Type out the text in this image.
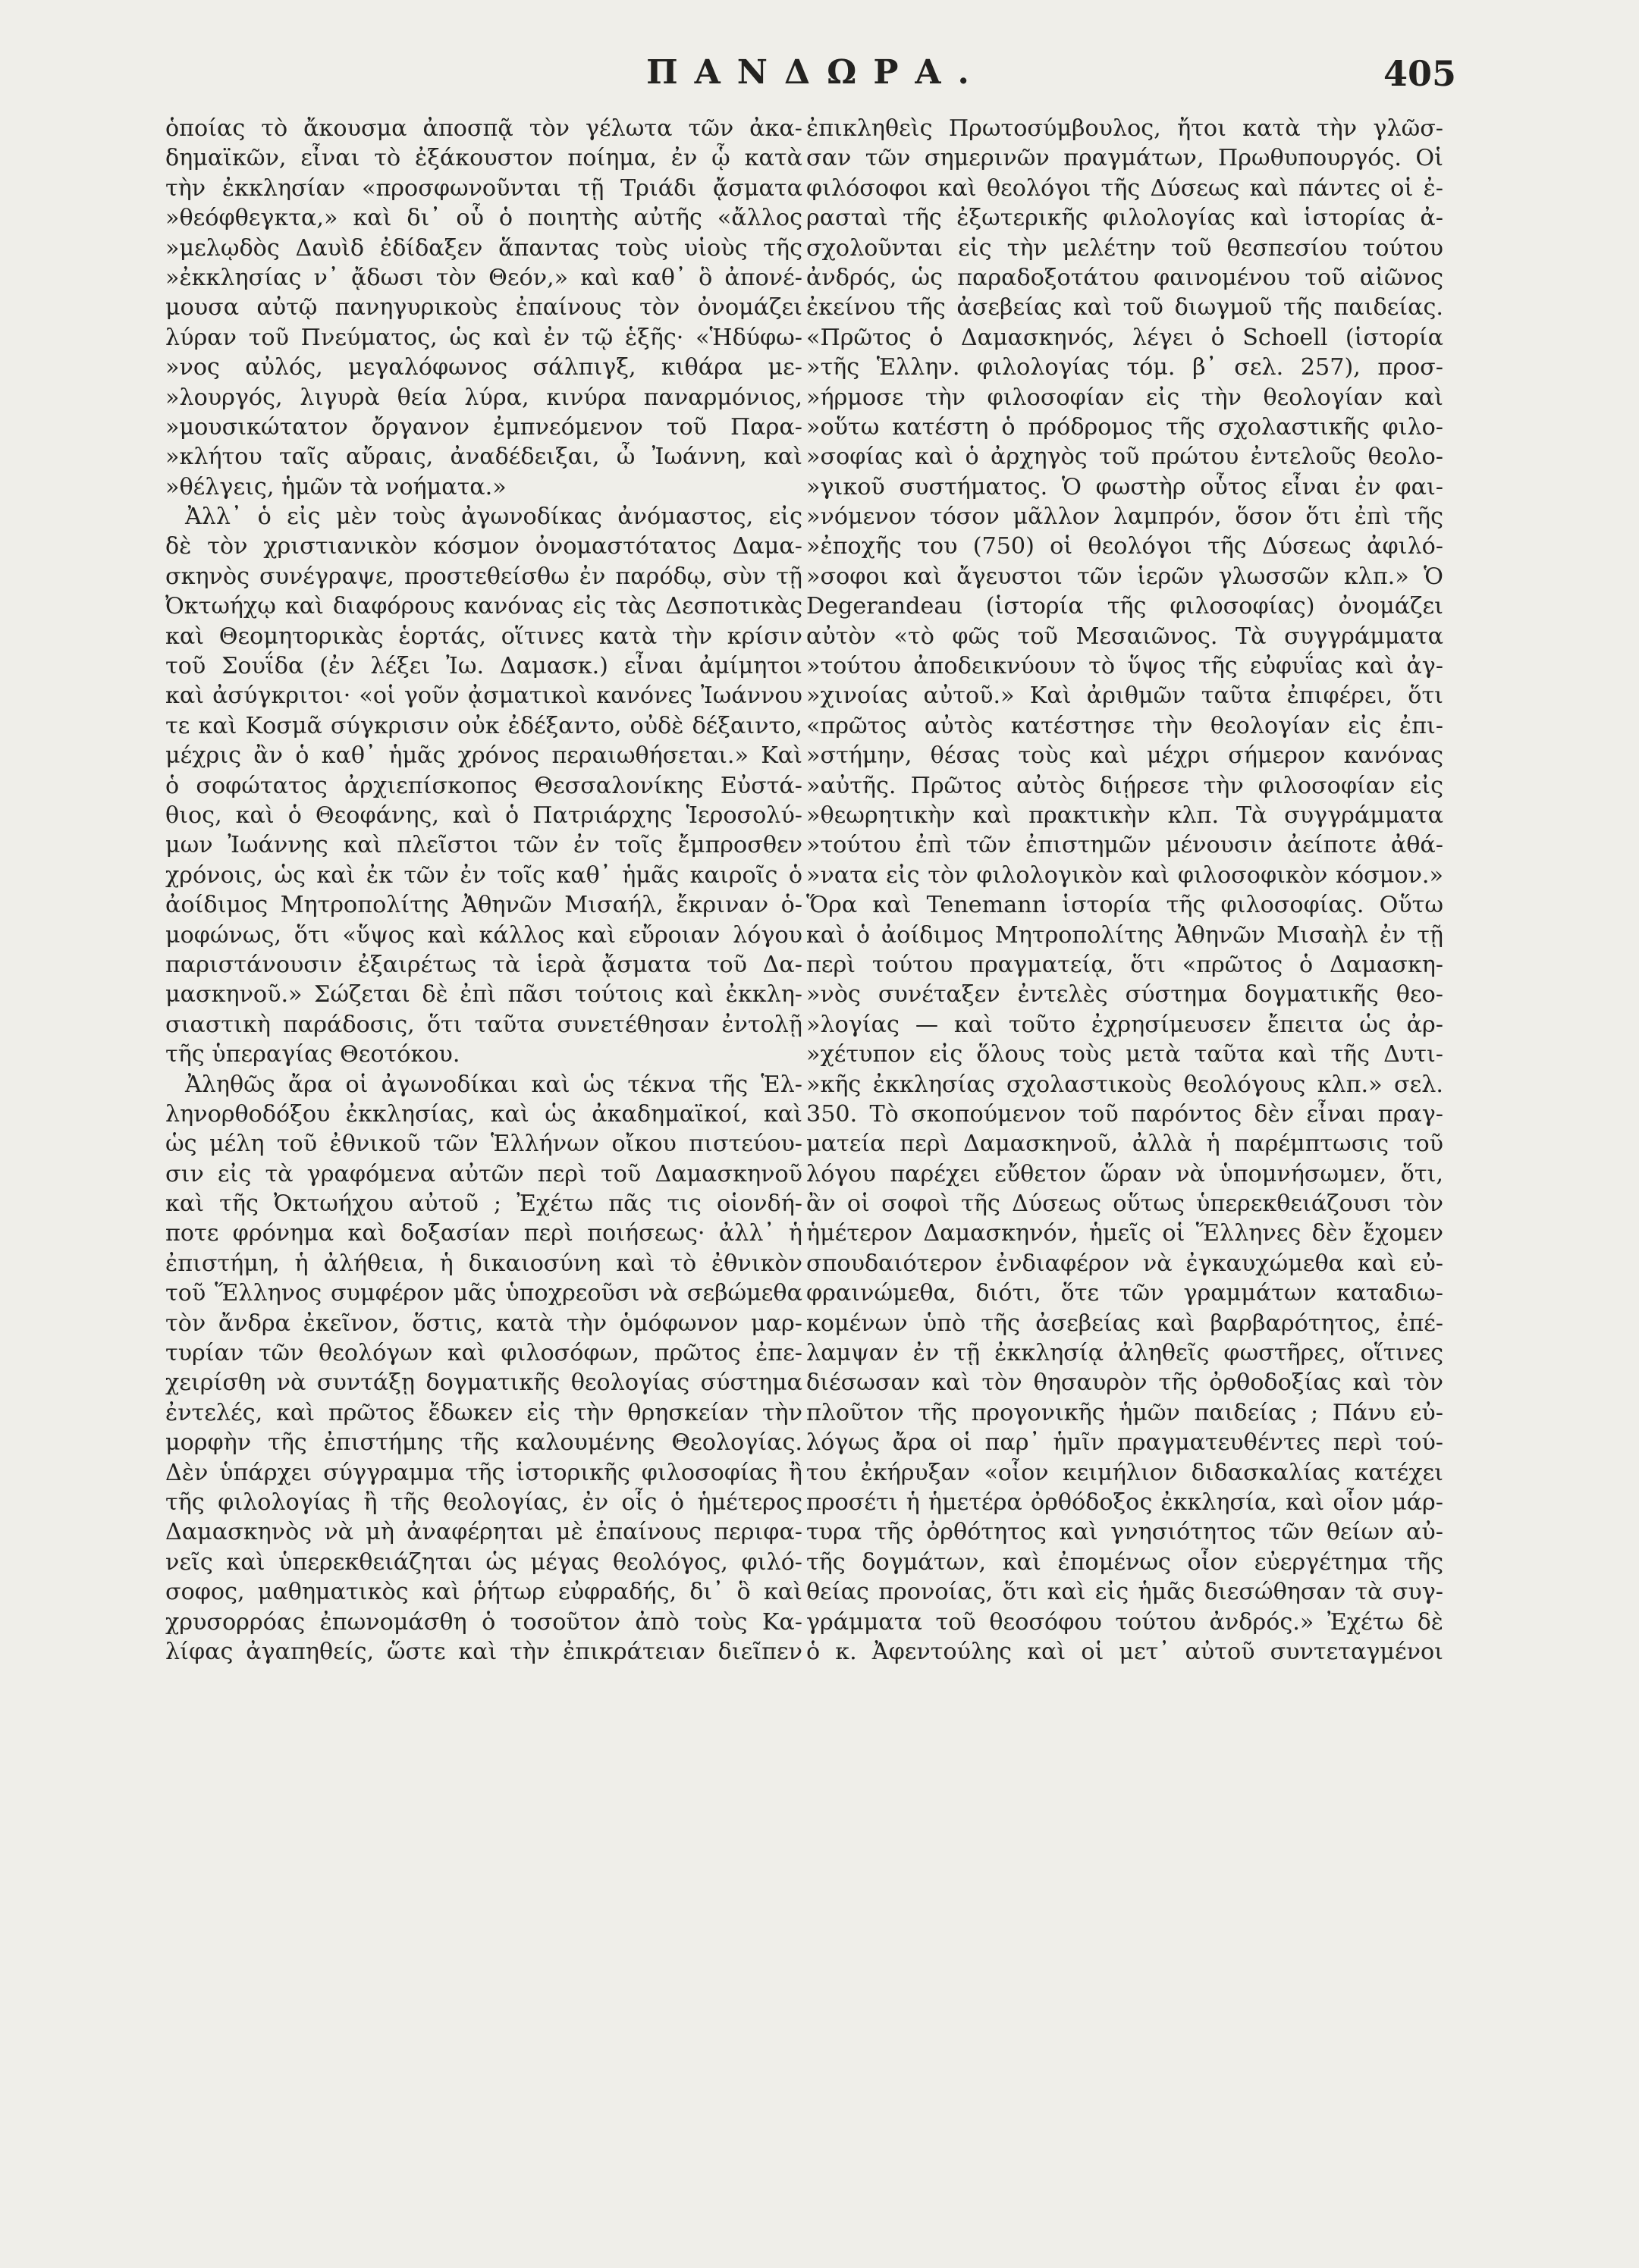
ΠΑΝΔΩΡΑ.	405
ὁποίας τὸ ἄκουσμα ἀποσπᾷ τὸν γέλωτα τῶν ἀκα-
δημαϊκῶν, εἶναι τὸ ἐξάκουστον ποίημα, ἐν ᾧ κατὰ
τὴν ἐκκλησίαν «προσφωνοῦνται τῇ Τριάδι ᾄσματα
»θεόφθεγκτα,» καὶ δι᾽ οὗ ὁ ποιητὴς αὐτῆς «ἄλλος
»μελῳδὸς Δαυὶδ ἐδίδαξεν ἅπαντας τοὺς υἱοὺς τῆς
»ἐκκλησίας ν᾽ ᾄδωσι τὸν Θεόν,» καὶ καθ᾽ ὃ ἀπονέ-
μουσα αὐτῷ πανηγυρικοὺς ἐπαίνους τὸν ὀνομάζει
λύραν τοῦ Πνεύματος, ὡς καὶ ἐν τῷ ἑξῆς· «Ἡδύφω-
»νος αὐλός, μεγαλόφωνος σάλπιγξ, κιθάρα με-
»λουργός, λιγυρὰ θεία λύρα, κινύρα παναρμόνιος,
»μουσικώτατον ὄργανον ἐμπνεόμενον τοῦ Παρα-
»κλήτου ταῖς αὔραις, ἀναδέδειξαι, ὦ Ἰωάννη, καὶ
»θέλγεις, ἡμῶν τὰ νοήματα.»
Ἀλλ᾽ ὁ εἰς μὲν τοὺς ἀγωνοδίκας ἀνόμαστος, εἰς
δὲ τὸν χριστιανικὸν κόσμον ὀνομαστότατος Δαμα-
σκηνὸς συνέγραψε, προστεθείσθω ἐν παρόδῳ, σὺν τῇ
Ὀκτωήχῳ καὶ διαφόρους κανόνας εἰς τὰς Δεσποτικὰς
καὶ Θεομητορικὰς ἑορτάς, οἵτινες κατὰ τὴν κρίσιν
τοῦ Σουΐδα (ἐν λέξει Ἰω. Δαμασκ.) εἶναι ἀμίμητοι
καὶ ἀσύγκριτοι· «οἱ γοῦν ᾀσματικοὶ κανόνες Ἰωάννου
τε καὶ Κοσμᾶ σύγκρισιν οὐκ ἐδέξαντο, οὐδὲ δέξαιντο,
μέχρις ἂν ὁ καθ᾽ ἡμᾶς χρόνος περαιωθήσεται.» Καὶ
ὁ σοφώτατος ἀρχιεπίσκοπος Θεσσαλονίκης Εὐστά-
θιος, καὶ ὁ Θεοφάνης, καὶ ὁ Πατριάρχης Ἱεροσολύ-
μων Ἰωάννης καὶ πλεῖστοι τῶν ἐν τοῖς ἔμπροσθεν
χρόνοις, ὡς καὶ ἐκ τῶν ἐν τοῖς καθ᾽ ἡμᾶς καιροῖς ὁ
ἀοίδιμος Μητροπολίτης Ἀθηνῶν Μισαήλ, ἔκριναν ὁ-
μοφώνως, ὅτι «ὕψος καὶ κάλλος καὶ εὔροιαν λόγου
παριστάνουσιν ἐξαιρέτως τὰ ἱερὰ ᾄσματα τοῦ Δα-
μασκηνοῦ.» Σώζεται δὲ ἐπὶ πᾶσι τούτοις καὶ ἐκκλη-
σιαστικὴ παράδοσις, ὅτι ταῦτα συνετέθησαν ἐντολῇ
τῆς ὑπεραγίας Θεοτόκου.
Ἀληθῶς ἄρα οἱ ἀγωνοδίκαι καὶ ὡς τέκνα τῆς Ἑλ-
ληνορθοδόξου ἐκκλησίας, καὶ ὡς ἀκαδημαϊκοί, καὶ
ὡς μέλη τοῦ ἐθνικοῦ τῶν Ἑλλήνων οἴκου πιστεύου-
σιν εἰς τὰ γραφόμενα αὐτῶν περὶ τοῦ Δαμασκηνοῦ
καὶ τῆς Ὀκτωήχου αὐτοῦ ; Ἐχέτω πᾶς τις οἱονδή-
ποτε φρόνημα καὶ δοξασίαν περὶ ποιήσεως· ἀλλ᾽ ἡ
ἐπιστήμη, ἡ ἀλήθεια, ἡ δικαιοσύνη καὶ τὸ ἐθνικὸν
τοῦ Ἕλληνος συμφέρον μᾶς ὑποχρεοῦσι νὰ σεβώμεθα
τὸν ἄνδρα ἐκεῖνον, ὅστις, κατὰ τὴν ὁμόφωνον μαρ-
τυρίαν τῶν θεολόγων καὶ φιλοσόφων, πρῶτος ἐπε-
χειρίσθη νὰ συντάξῃ δογματικῆς θεολογίας σύστημα
ἐντελές, καὶ πρῶτος ἔδωκεν εἰς τὴν θρησκείαν τὴν
μορφὴν τῆς ἐπιστήμης τῆς καλουμένης Θεολογίας.
Δὲν ὑπάρχει σύγγραμμα τῆς ἱστορικῆς φιλοσοφίας ἢ
τῆς φιλολογίας ἢ τῆς θεολογίας, ἐν οἷς ὁ ἡμέτερος
Δαμασκηνὸς νὰ μὴ ἀναφέρηται μὲ ἐπαίνους περιφα-
νεῖς καὶ ὑπερεκθειάζηται ὡς μέγας θεολόγος, φιλό-
σοφος, μαθηματικὸς καὶ ῥήτωρ εὐφραδής, δι᾽ ὃ καὶ
χρυσορρόας ἐπωνομάσθη ὁ τοσοῦτον ἀπὸ τοὺς Κα-
λίφας ἀγαπηθείς, ὥστε καὶ τὴν ἐπικράτειαν διεῖπεν
ἐπικληθεὶς Πρωτοσύμβουλος, ἤτοι κατὰ τὴν γλῶσ-
σαν τῶν σημερινῶν πραγμάτων, Πρωθυπουργός. Οἱ
φιλόσοφοι καὶ θεολόγοι τῆς Δύσεως καὶ πάντες οἱ ἐ-
ρασταὶ τῆς ἐξωτερικῆς φιλολογίας καὶ ἱστορίας ἀ-
σχολοῦνται εἰς τὴν μελέτην τοῦ θεσπεσίου τούτου
ἀνδρός, ὡς παραδοξοτάτου φαινομένου τοῦ αἰῶνος
ἐκείνου τῆς ἀσεβείας καὶ τοῦ διωγμοῦ τῆς παιδείας.
«Πρῶτος ὁ Δαμασκηνός, λέγει ὁ Schoell (ἱστορία
»τῆς Ἑλλην. φιλολογίας τόμ. β᾽ σελ. 257), προσ-
»ήρμοσε τὴν φιλοσοφίαν εἰς τὴν θεολογίαν καὶ
»οὕτω κατέστη ὁ πρόδρομος τῆς σχολαστικῆς φιλο-
»σοφίας καὶ ὁ ἀρχηγὸς τοῦ πρώτου ἐντελοῦς θεολο-
»γικοῦ συστήματος. Ὁ φωστὴρ οὗτος εἶναι ἐν φαι-
»νόμενον τόσον μᾶλλον λαμπρόν, ὅσον ὅτι ἐπὶ τῆς
»ἐποχῆς του (750) οἱ θεολόγοι τῆς Δύσεως ἀφιλό-
»σοφοι καὶ ἄγευστοι τῶν ἱερῶν γλωσσῶν κλπ.» Ὁ
Degerandeau (ἱστορία τῆς φιλοσοφίας) ὀνομάζει
αὐτὸν «τὸ φῶς τοῦ Μεσαιῶνος. Τὰ συγγράμματα
»τούτου ἀποδεικνύουν τὸ ὕψος τῆς εὐφυΐας καὶ ἀγ-
»χινοίας αὐτοῦ.» Καὶ ἀριθμῶν ταῦτα ἐπιφέρει, ὅτι
«πρῶτος αὐτὸς κατέστησε τὴν θεολογίαν εἰς ἐπι-
»στήμην, θέσας τοὺς καὶ μέχρι σήμερον κανόνας
»αὐτῆς. Πρῶτος αὐτὸς διῄρεσε τὴν φιλοσοφίαν εἰς
»θεωρητικὴν καὶ πρακτικὴν κλπ. Τὰ συγγράμματα
»τούτου ἐπὶ τῶν ἐπιστημῶν μένουσιν ἀείποτε ἀθά-
»νατα εἰς τὸν φιλολογικὸν καὶ φιλοσοφικὸν κόσμον.»
Ὅρα καὶ Tenemann ἱστορία τῆς φιλοσοφίας. Οὕτω
καὶ ὁ ἀοίδιμος Μητροπολίτης Ἀθηνῶν Μισαὴλ ἐν τῇ
περὶ τούτου πραγματείᾳ, ὅτι «πρῶτος ὁ Δαμασκη-
»νὸς συνέταξεν ἐντελὲς σύστημα δογματικῆς θεο-
»λογίας — καὶ τοῦτο ἐχρησίμευσεν ἔπειτα ὡς ἀρ-
»χέτυπον εἰς ὅλους τοὺς μετὰ ταῦτα καὶ τῆς Δυτι-
»κῆς ἐκκλησίας σχολαστικοὺς θεολόγους κλπ.» σελ.
350. Τὸ σκοπούμενον τοῦ παρόντος δὲν εἶναι πραγ-
ματεία περὶ Δαμασκηνοῦ, ἀλλὰ ἡ παρέμπτωσις τοῦ
λόγου παρέχει εὔθετον ὥραν νὰ ὑπομνήσωμεν, ὅτι,
ἂν οἱ σοφοὶ τῆς Δύσεως οὕτως ὑπερεκθειάζουσι τὸν
ἡμέτερον Δαμασκηνόν, ἡμεῖς οἱ Ἕλληνες δὲν ἔχομεν
σπουδαιότερον ἐνδιαφέρον νὰ ἐγκαυχώμεθα καὶ εὐ-
φραινώμεθα, διότι, ὅτε τῶν γραμμάτων καταδιω-
κομένων ὑπὸ τῆς ἀσεβείας καὶ βαρβαρότητος, ἐπέ-
λαμψαν ἐν τῇ ἐκκλησίᾳ ἀληθεῖς φωστῆρες, οἵτινες
διέσωσαν καὶ τὸν θησαυρὸν τῆς ὀρθοδοξίας καὶ τὸν
πλοῦτον τῆς προγονικῆς ἡμῶν παιδείας ; Πάνυ εὐ-
λόγως ἄρα οἱ παρ᾽ ἡμῖν πραγματευθέντες περὶ τού-
του ἐκήρυξαν «οἷον κειμήλιον διδασκαλίας κατέχει
προσέτι ἡ ἡμετέρα ὀρθόδοξος ἐκκλησία, καὶ οἷον μάρ-
τυρα τῆς ὀρθότητος καὶ γνησιότητος τῶν θείων αὐ-
τῆς δογμάτων, καὶ ἐπομένως οἷον εὐεργέτημα τῆς
θείας προνοίας, ὅτι καὶ εἰς ἡμᾶς διεσώθησαν τὰ συγ-
γράμματα τοῦ θεοσόφου τούτου ἀνδρός.» Ἐχέτω δὲ
ὁ κ. Ἀφεντούλης καὶ οἱ μετ᾽ αὐτοῦ συντεταγμένοι
